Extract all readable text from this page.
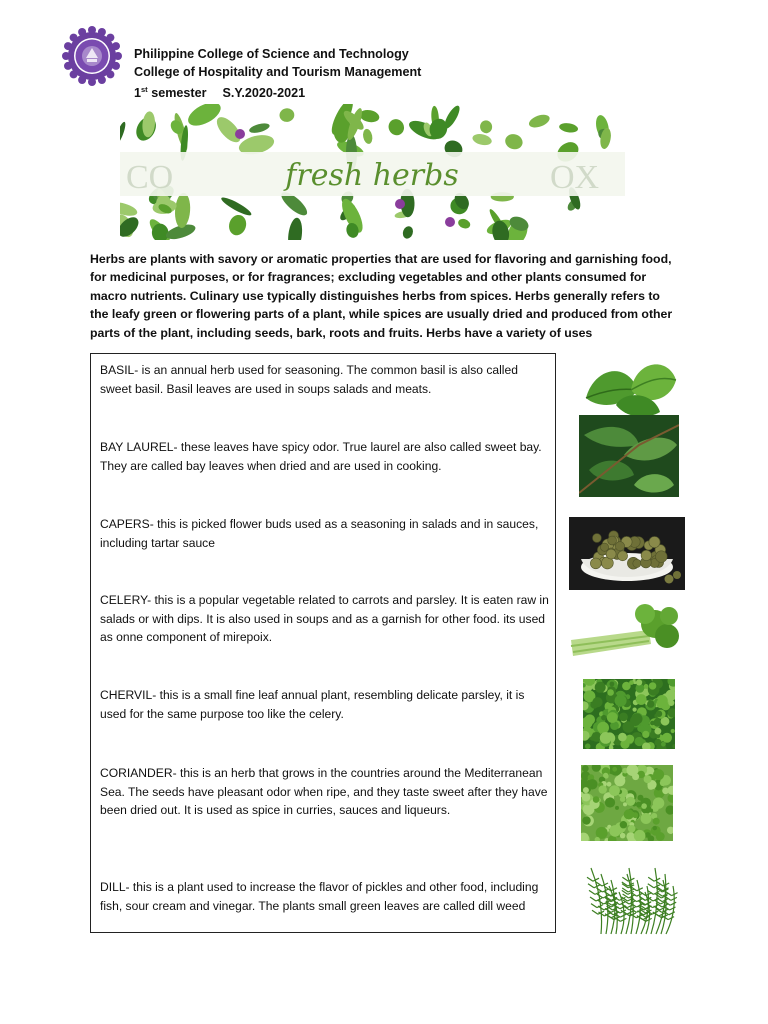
Philippine College of Science and Technology
College of Hospitality and Tourism Management
1st semester S.Y.2020-2021
CO	OX
fresh herbs
Herbs are plants with savory or aromatic properties that are used for flavoring and garnishing food, for medicinal purposes, or for fragrances; excluding vegetables and other plants consumed for macro nutrients. Culinary use typically distinguishes herbs from spices. Herbs generally refers to the leafy green or flowering parts of a plant, while spices are usually dried and produced from other parts of the plant, including seeds, bark, roots and fruits. Herbs have a variety of uses
BASIL- is an annual herb used for seasoning. The common basil is also called sweet basil. Basil leaves are used in soups salads and meats.
BAY LAUREL- these leaves have spicy odor. True laurel are also called sweet bay. They are called bay leaves when dried and are used in cooking.
CAPERS- this is picked flower buds used as a seasoning in salads and in sauces, including tartar sauce
CELERY- this is a popular vegetable related to carrots and parsley. It is eaten raw in salads or with dips. It is also used in soups and as a garnish for other food. its used as onne component of mirepoix.
CHERVIL- this is a small fine leaf annual plant, resembling delicate parsley, it is used for the same purpose too like the celery.
CORIANDER- this is an herb that grows in the countries around the Mediterranean Sea. The seeds have pleasant odor when ripe, and they taste sweet after they have been dried out. It is used as spice in curries, sauces and liqueurs.
DILL- this is a plant used to increase the flavor of pickles and other food, including fish, sour cream and vinegar. The plants small green leaves are called dill weed
